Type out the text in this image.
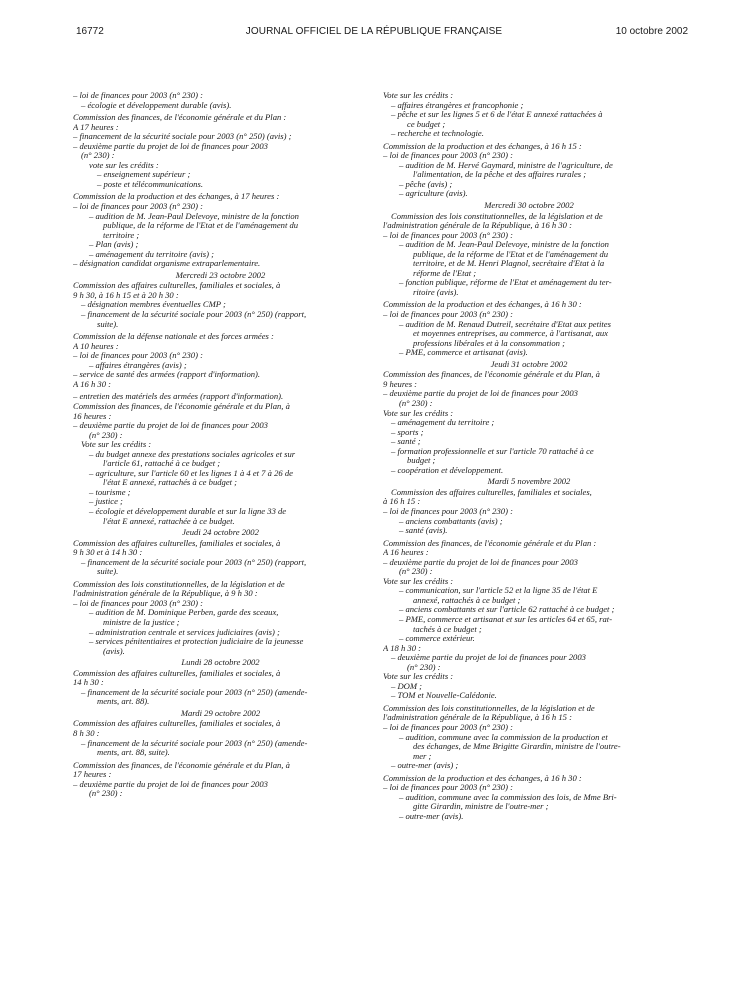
16772	JOURNAL OFFICIEL DE LA RÉPUBLIQUE FRANÇAISE	10 octobre 2002
– loi de finances pour 2003 (n° 230) :
– écologie et développement durable (avis).
Commission des finances, de l'économie générale et du Plan :
A 17 heures :
– financement de la sécurité sociale pour 2003 (n° 250) (avis) ;
– deuxième partie du projet de loi de finances pour 2003
(n° 230) :
vote sur les crédits :
– enseignement supérieur ;
– poste et télécommunications.
Commission de la production et des échanges, à 17 heures :
– loi de finances pour 2003 (n° 230) :
– audition de M. Jean-Paul Delevoye, ministre de la fonction
publique, de la réforme de l'Etat et de l'aménagement du
territoire ;
– Plan (avis) ;
– aménagement du territoire (avis) ;
– désignation candidat organisme extraparlementaire.
Mercredi 23 octobre 2002
Commission des affaires culturelles, familiales et sociales, à
9 h 30, à 16 h 15 et à 20 h 30 :
– désignation membres éventuelles CMP ;
– financement de la sécurité sociale pour 2003 (n° 250) (rapport,
suite).
Commission de la défense nationale et des forces armées :
A 10 heures :
– loi de finances pour 2003 (n° 230) :
– affaires étrangères (avis) ;
– service de santé des armées (rapport d'information).
A 16 h 30 :
– entretien des matériels des armées (rapport d'information).
Commission des finances, de l'économie générale et du Plan, à
16 heures :
– deuxième partie du projet de loi de finances pour 2003
(n° 230) :
Vote sur les crédits :
– du budget annexe des prestations sociales agricoles et sur
l'article 61, rattaché à ce budget ;
– agriculture, sur l'article 60 et les lignes 1 à 4 et 7 à 26 de
l'état E annexé, rattachés à ce budget ;
– tourisme ;
– justice ;
– écologie et développement durable et sur la ligne 33 de
l'état E annexé, rattachée à ce budget.
Jeudi 24 octobre 2002
Commission des affaires culturelles, familiales et sociales, à
9 h 30 et à 14 h 30 :
– financement de la sécurité sociale pour 2003 (n° 250) (rapport,
suite).
Commission des lois constitutionnelles, de la législation et de
l'administration générale de la République, à 9 h 30 :
– loi de finances pour 2003 (n° 230) :
– audition de M. Dominique Perben, garde des sceaux,
ministre de la justice ;
– administration centrale et services judiciaires (avis) ;
– services pénitentiaires et protection judiciaire de la jeunesse
(avis).
Lundi 28 octobre 2002
Commission des affaires culturelles, familiales et sociales, à
14 h 30 :
– financement de la sécurité sociale pour 2003 (n° 250) (amende-
ments, art. 88).
Mardi 29 octobre 2002
Commission des affaires culturelles, familiales et sociales, à
8 h 30 :
– financement de la sécurité sociale pour 2003 (n° 250) (amende-
ments, art. 88, suite).
Commission des finances, de l'économie générale et du Plan, à
17 heures :
– deuxième partie du projet de loi de finances pour 2003
(n° 230) :
Vote sur les crédits :
– affaires étrangères et francophonie ;
– pêche et sur les lignes 5 et 6 de l'état E annexé rattachées à
ce budget ;
– recherche et technologie.
Commission de la production et des échanges, à 16 h 15 :
– loi de finances pour 2003 (n° 230) :
– audition de M. Hervé Gaymard, ministre de l'agriculture, de
l'alimentation, de la pêche et des affaires rurales ;
– pêche (avis) ;
– agriculture (avis).
Mercredi 30 octobre 2002
Commission des lois constitutionnelles, de la législation et de
l'administration générale de la République, à 16 h 30 :
– loi de finances pour 2003 (n° 230) :
– audition de M. Jean-Paul Delevoye, ministre de la fonction
publique, de la réforme de l'Etat et de l'aménagement du
territoire, et de M. Henri Plagnol, secrétaire d'Etat à la
réforme de l'Etat ;
– fonction publique, réforme de l'Etat et aménagement du ter-
ritoire (avis).
Commission de la production et des échanges, à 16 h 30 :
– loi de finances pour 2003 (n° 230) :
– audition de M. Renaud Dutreil, secrétaire d'Etat aux petites
et moyennes entreprises, au commerce, à l'artisanat, aux
professions libérales et à la consommation ;
– PME, commerce et artisanat (avis).
Jeudi 31 octobre 2002
Commission des finances, de l'économie générale et du Plan, à
9 heures :
– deuxième partie du projet de loi de finances pour 2003
(n° 230) :
Vote sur les crédits :
– aménagement du territoire ;
– sports ;
– santé ;
– formation professionnelle et sur l'article 70 rattaché à ce
budget ;
– coopération et développement.
Mardi 5 novembre 2002
Commission des affaires culturelles, familiales et sociales,
à 16 h 15 :
– loi de finances pour 2003 (n° 230) :
– anciens combattants (avis) ;
– santé (avis).
Commission des finances, de l'économie générale et du Plan :
A 16 heures :
– deuxième partie du projet de loi de finances pour 2003
(n° 230) :
Vote sur les crédits :
– communication, sur l'article 52 et la ligne 35 de l'état E
annexé, rattachés à ce budget ;
– anciens combattants et sur l'article 62 rattaché à ce budget ;
– PME, commerce et artisanat et sur les articles 64 et 65, rat-
tachés à ce budget ;
– commerce extérieur.
A 18 h 30 :
– deuxième partie du projet de loi de finances pour 2003
(n° 230) :
Vote sur les crédits :
– DOM ;
– TOM et Nouvelle-Calédonie.
Commission des lois constitutionnelles, de la législation et de
l'administration générale de la République, à 16 h 15 :
– loi de finances pour 2003 (n° 230) :
– audition, commune avec la commission de la production et
des échanges, de Mme Brigitte Girardin, ministre de l'outre-
mer ;
– outre-mer (avis) ;
Commission de la production et des échanges, à 16 h 30 :
– loi de finances pour 2003 (n° 230) :
– audition, commune avec la commission des lois, de Mme Bri-
gitte Girardin, ministre de l'outre-mer ;
– outre-mer (avis).
